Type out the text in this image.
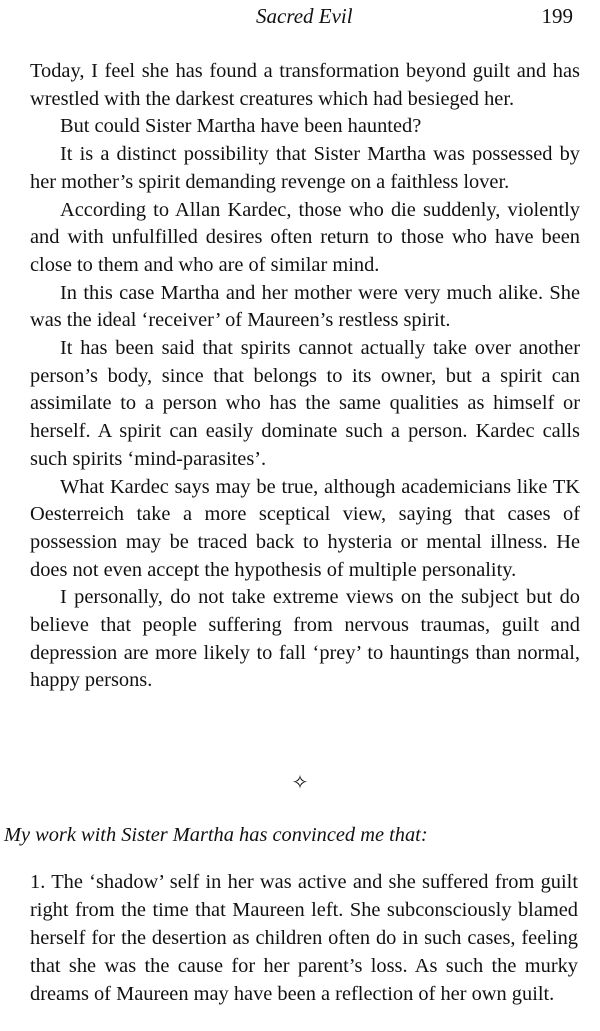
Sacred Evil	199

Today, I feel she has found a transformation beyond guilt and has wrestled with the darkest creatures which had besieged her.

But could Sister Martha have been haunted?

It is a distinct possibility that Sister Martha was possessed by her mother’s spirit demanding revenge on a faithless lover.

According to Allan Kardec, those who die suddenly, violently and with unfulfilled desires often return to those who have been close to them and who are of similar mind.

In this case Martha and her mother were very much alike. She was the ideal ‘receiver’ of Maureen’s restless spirit.

It has been said that spirits cannot actually take over another person’s body, since that belongs to its owner, but a spirit can assimilate to a person who has the same qualities as himself or herself. A spirit can easily dominate such a person. Kardec calls such spirits ‘mind-parasites’.

What Kardec says may be true, although academicians like TK Oesterreich take a more sceptical view, saying that cases of possession may be traced back to hysteria or mental illness. He does not even accept the hypothesis of multiple personality.

I personally, do not take extreme views on the subject but do believe that people suffering from nervous traumas, guilt and depression are more likely to fall ‘prey’ to hauntings than normal, happy persons.

✧
My work with Sister Martha has convinced me that:

1. The ‘shadow’ self in her was active and she suffered from guilt right from the time that Maureen left. She subconsciously blamed herself for the desertion as children often do in such cases, feeling that she was the cause for her parent’s loss. As such the murky dreams of Maureen may have been a reflection of her own guilt.
